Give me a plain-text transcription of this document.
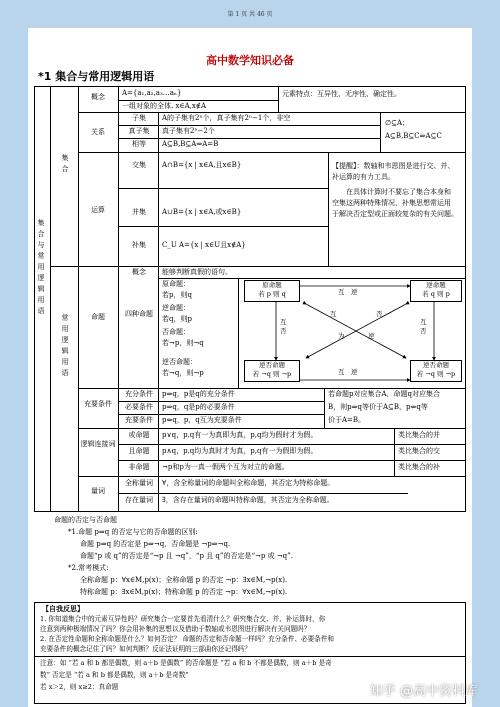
第 1 页 共 46 页
高中数学知识必备
*1 集合与常用逻辑用语
集合与常用逻辑用语
集合
概念	A={a₁,a₂,a₃…aₙ}
一组对象的全体. x∈A,x∉A
元素特点：互异性、无序性、确定性。
关系
子集	A的子集有2ⁿ个，真子集有2ⁿ−1个，非空
真子集	真子集有2ⁿ−2个
相等	A⊆B,B⊆A⇔A=B
∅⊆A；
A⊆B,B⊆C⇒A⊆C
运算
交集	A∩B={x | x∈A,且x∈B}
并集	A∪B={x | x∈A,或x∈B}
补集	C_U A={x | x∈U且x∉A}
【提醒】：数轴和韦恩图是进行交、并、
补运算的有力工具。
　　在具体计算时不要忘了集合本身和
空集这两种特殊情况，补集思想常运用
于解决否定型或正面较复杂的有关问题。
常用逻辑用语
命题
概念	能够判断真假的语句。
四种命题
原命题：
若p，则q
逆命题：
若q，则p
否命题：
若¬p，则¬q
逆否命题：
若¬q，则¬p
原命题
若 p 则 q
逆命题
若 q 则 p
逆否命题
若 ¬q 则 ¬p
逆否命题
若 ¬q 则 ¬p
互　逆
互　逆
互
否
互
否
互
为
否
逆
充要条件
充分条件	p⇒q，p是q的充分条件
必要条件	p⇒q，q是p的必要条件
充要条件	p⇔q，p，q互为充要条件
若命题p对应集合A，命题q对应集合
B，则p⇒q等价于A⊆B，p⇔q等
价于A=B。
逻辑连接词
或命题	p∨q，p,q有一为真即为真，p,q均为假时才为假。	类比集合的并
且命题	p∧q，p,q均为真时才为真，p,q有一为假即为假。	类比集合的交
非命题	¬p和p为一真一假两个互为对立的命题。	类比集合的补
量词
全称量词	∀，含全称量词的命题叫全称命题，其否定为特称命题。
存在量词	∃，含存在量词的命题叫特称命题，其否定为全称命题。
命题的否定与否命题
*1.命题 p⇒q 的否定与它的否命题的区别:
命题 p⇒q 的否定是 p⇒¬q，否命题是 ¬p⇒¬q.
命题“p 或 q”的否定是“¬p 且 ¬q”，“p 且 q”的否定是“¬p 或 ¬q”.
*2.常考模式:
全称命题 p：∀x∈M,p(x)；全称命题 p 的否定 ¬p：∃x∈M,¬p(x).
特称命题 p：∃x∈M,p(x)；特称命题 p 的否定 ¬p：∀x∈M,¬p(x).
【自我反思】
1. 你知道集合中的元素互异性吗？研究集合一定要首先看清什么？研究集合交、并、补运算时，你
注意到两种极端情况了吗？你会用补集的思想以及借助于数轴或韦恩图进行解决有关问题吗？
2. 在否定性命题和全称命题是什么？如何否定？ 命题的否定和否命题一样吗？充分条件、必要条件和
充要条件的概念记住了吗？如何判断？反证法证明的三部曲你还记得吗？
注意：如 “若 a 和 b 都是偶数，则 a＋b 是偶数” 的否命题是 “若 a 和 b 不都是偶数，则 a＋b 是奇
数” 否定是 “若 a 和 b 都是偶数，则 a＋b 是奇数”
若 x＞2，则 x≥2：真命题	知乎 @高中资料库
